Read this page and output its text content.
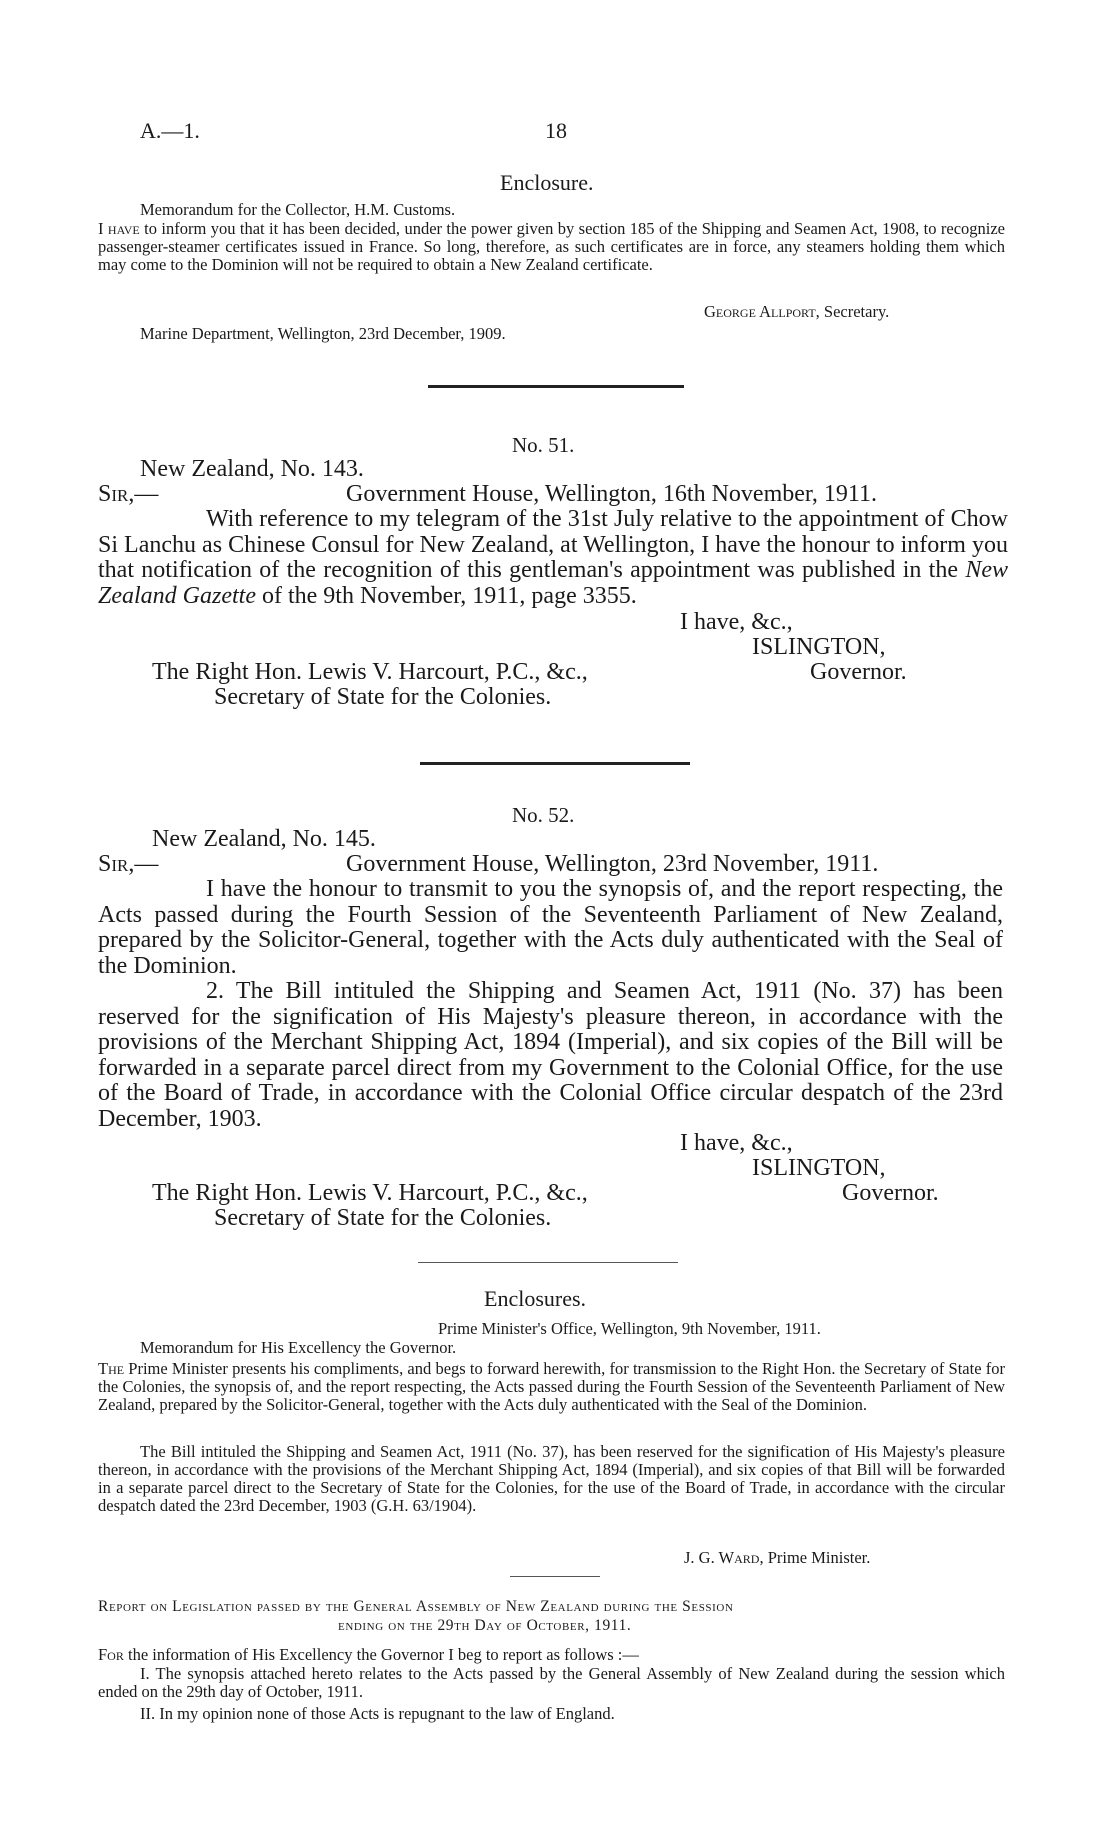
A.—1.	18
Enclosure.
Memorandum for the Collector, H.M. Customs.
I have to inform you that it has been decided, under the power given by section 185 of the Shipping and Seamen Act, 1908, to recognize passenger-steamer certificates issued in France. So long, therefore, as such certificates are in force, any steamers holding them which may come to the Dominion will not be required to obtain a New Zealand certificate.
George Allport, Secretary.
Marine Department, Wellington, 23rd December, 1909.
No. 51.
New Zealand, No. 143.
Sir,—	Government House, Wellington, 16th November, 1911.
With reference to my telegram of the 31st July relative to the appointment of Chow Si Lanchu as Chinese Consul for New Zealand, at Wellington, I have the honour to inform you that notification of the recognition of this gentleman's appointment was published in the New Zealand Gazette of the 9th November, 1911, page 3355.
I have, &c.,
ISLINGTON,
The Right Hon. Lewis V. Harcourt, P.C., &c.,	Governor.
Secretary of State for the Colonies.
No. 52.
New Zealand, No. 145.
Sir,—	Government House, Wellington, 23rd November, 1911.
I have the honour to transmit to you the synopsis of, and the report respecting, the Acts passed during the Fourth Session of the Seventeenth Parliament of New Zealand, prepared by the Solicitor-General, together with the Acts duly authenticated with the Seal of the Dominion.
2. The Bill intituled the Shipping and Seamen Act, 1911 (No. 37) has been reserved for the signification of His Majesty's pleasure thereon, in accordance with the provisions of the Merchant Shipping Act, 1894 (Imperial), and six copies of the Bill will be forwarded in a separate parcel direct from my Government to the Colonial Office, for the use of the Board of Trade, in accordance with the Colonial Office circular despatch of the 23rd December, 1903.
I have, &c.,
ISLINGTON,
The Right Hon. Lewis V. Harcourt, P.C., &c.,	Governor.
Secretary of State for the Colonies.
Enclosures.
Prime Minister's Office, Wellington, 9th November, 1911.
Memorandum for His Excellency the Governor.
The Prime Minister presents his compliments, and begs to forward herewith, for transmission to the Right Hon. the Secretary of State for the Colonies, the synopsis of, and the report respecting, the Acts passed during the Fourth Session of the Seventeenth Parliament of New Zealand, prepared by the Solicitor-General, together with the Acts duly authenticated with the Seal of the Dominion.
The Bill intituled the Shipping and Seamen Act, 1911 (No. 37), has been reserved for the signification of His Majesty's pleasure thereon, in accordance with the provisions of the Merchant Shipping Act, 1894 (Imperial), and six copies of that Bill will be forwarded in a separate parcel direct to the Secretary of State for the Colonies, for the use of the Board of Trade, in accordance with the circular despatch dated the 23rd December, 1903 (G.H. 63/1904).
J. G. Ward, Prime Minister.
Report on Legislation passed by the General Assembly of New Zealand during the Session
ending on the 29th Day of October, 1911.
For the information of His Excellency the Governor I beg to report as follows :—
I. The synopsis attached hereto relates to the Acts passed by the General Assembly of New Zealand during the session which ended on the 29th day of October, 1911.
II. In my opinion none of those Acts is repugnant to the law of England.
